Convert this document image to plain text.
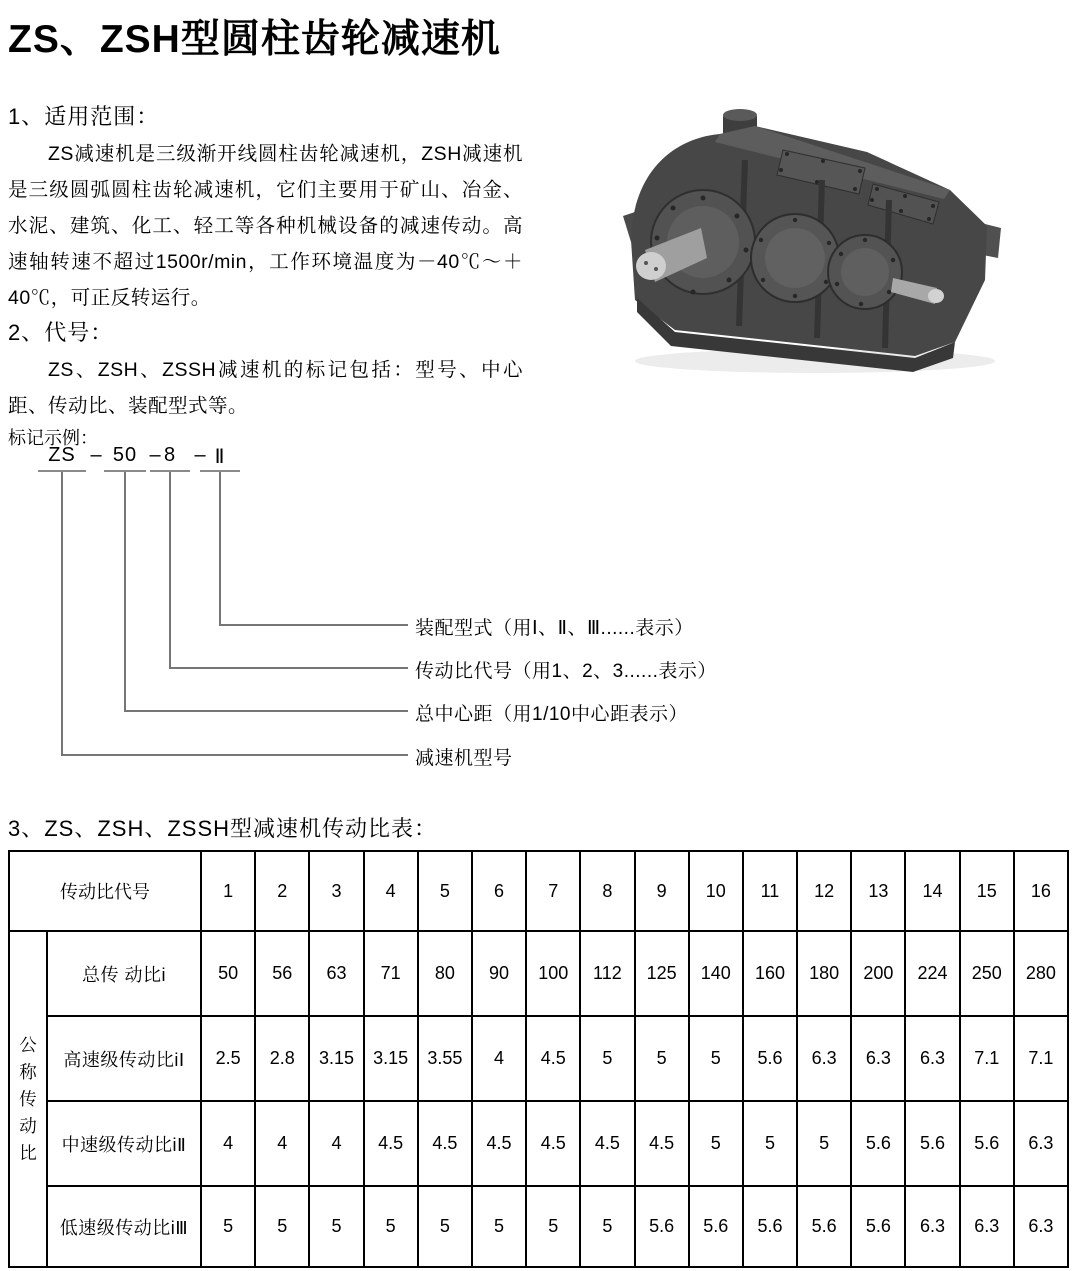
ZS、ZSH型圆柱齿轮减速机
1、适用范围：
ZS减速机是三级渐开线圆柱齿轮减速机，ZSH减速机是三级圆弧圆柱齿轮减速机，它们主要用于矿山、冶金、水泥、建筑、化工、轻工等各种机械设备的减速传动。高速轴转速不超过1500r/min，工作环境温度为－40℃～＋40℃，可正反转运行。
2、代号：
ZS、ZSH、ZSSH减速机的标记包括：型号、中心距、传动比、装配型式等。
标记示例：
ZS – 50 – 8 – Ⅱ
装配型式（用Ⅰ、Ⅱ、Ⅲ......表示）
传动比代号（用1、2、3......表示）
总中心距（用1/10中心距表示）
减速机型号
3、ZS、ZSH、ZSSH型减速机传动比表：
传动比代号		1	2	3	4	5	6	7	8	9	10	11	12	13	14	15	16

公称传动比	总传 动比i	50	56	63	71	80	90	100	112	125	140	160	180	200	224	250	280
	高速级传动比iⅠ	2.5	2.8	3.15	3.15	3.55	4	4.5	5	5	5	5.6	6.3	6.3	6.3	7.1	7.1
	中速级传动比iⅡ	4	4	4	4.5	4.5	4.5	4.5	4.5	4.5	5	5	5	5.6	5.6	5.6	6.3
	低速级传动比iⅢ	5	5	5	5	5	5	5	5	5.6	5.6	5.6	5.6	5.6	6.3	6.3	6.3
